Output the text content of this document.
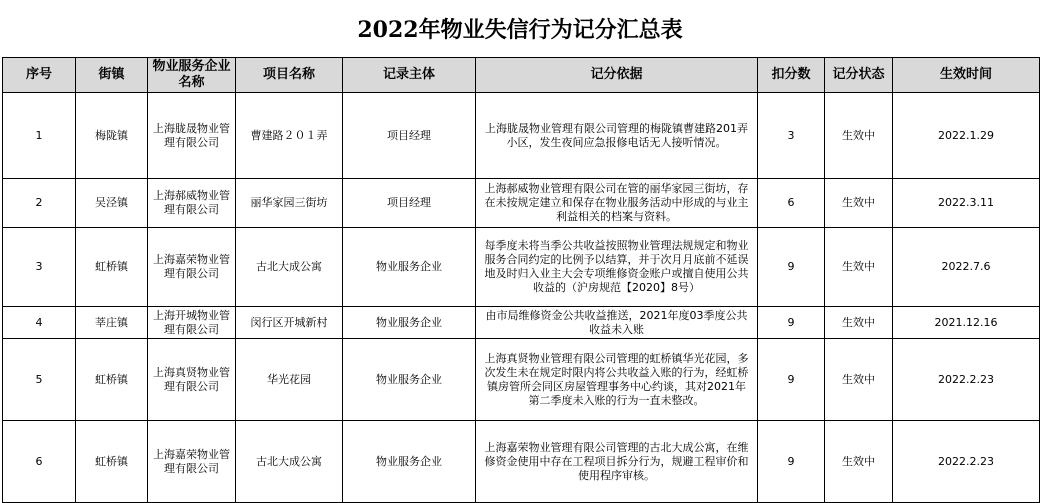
2022年物业失信行为记分汇总表
序号	街镇	物业服务企业名称	项目名称	记录主体	记分依据	扣分数	记分状态	生效时间
1	梅陇镇	上海胧晟物业管理有限公司	曹建路２０１弄	项目经理	上海胧晟物业管理有限公司管理的梅陇镇曹建路201弄小区，发生夜间应急报修电话无人接听情况。	3	生效中	2022.1.29
2	吴泾镇	上海郝威物业管理有限公司	丽华家园三街坊	项目经理	上海郝威物业管理有限公司在管的丽华家园三街坊，存在未按规定建立和保存在物业服务活动中形成的与业主利益相关的档案与资料。	6	生效中	2022.3.11
3	虹桥镇	上海嘉荣物业管理有限公司	古北大成公寓	物业服务企业	每季度未将当季公共收益按照物业管理法规规定和物业服务合同约定的比例予以结算，并于次月月底前不延误地及时归入业主大会专项维修资金账户或擅自使用公共收益的（沪房规范【2020】8号）	9	生效中	2022.7.6
4	莘庄镇	上海开城物业管理有限公司	闵行区开城新村	物业服务企业	由市局维修资金公共收益推送，2021年度03季度公共收益未入账	9	生效中	2021.12.16
5	虹桥镇	上海真贤物业管理有限公司	华光花园	物业服务企业	上海真贤物业管理有限公司管理的虹桥镇华光花园，多次发生未在规定时限内将公共收益入账的行为，经虹桥镇房管所会同区房屋管理事务中心约谈，其对2021年第二季度未入账的行为一直未整改。	9	生效中	2022.2.23
6	虹桥镇	上海嘉荣物业管理有限公司	古北大成公寓	物业服务企业	上海嘉荣物业管理有限公司管理的古北大成公寓，在维修资金使用中存在工程项目拆分行为，规避工程审价和使用程序审核。	9	生效中	2022.2.23
